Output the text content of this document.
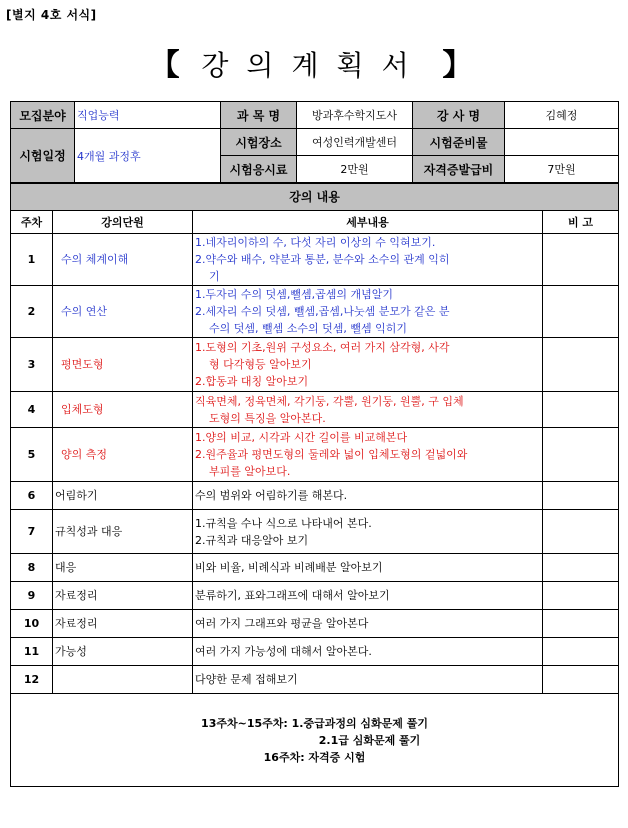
[별지 4호 서식]
【 강의계획서 】
모집분야	직업능력	과 목 명	방과후수학지도사	강 사 명	김혜정
시험일정	4개월 과정후	시험장소	여성인력개발센터	시험준비물	
		시험응시료	2만원	자격증발급비	7만원
강의 내용			
주차	강의단원	세부내용	비 고
1	수의 체계이해	1.네자리이하의 수, 다섯 자리 이상의 수 익혀보기.
2.약수와 배수, 약분과 통분, 분수와 소수의 관계 익히
기	

2	수의 연산	1.두자리 수의 덧셈,뺄셈,곱셈의 개념알기
2.세자리 수의 덧셈, 뺄셈,곱셈,나눗셈 분모가 같은 분
수의 덧셈, 뺄셈 소수의 덧셈, 뺄셈 익히기	

3	평면도형	1.도형의 기초,원위 구성요소, 여러 가지 삼각형, 사각
형 다각형등 알아보기
2.합동과 대칭 알아보기	

4	입체도형	직육면체, 정육면체, 각기둥, 각뿔, 원기둥, 원뿔, 구 입체
도형의 특징을 알아본다.	

5	양의 측정	1.양의 비교, 시각과 시간 길이를 비교해본다
2.원주율과 평면도형의 둘레와 넓이 입체도형의 겉넓이와
부피를 알아보다.	

6	어림하기	수의 범위와 어림하기를 해본다.	

7	규칙성과 대응	1.규칙을 수나 식으로 나타내어 본다.
2.규칙과 대응알아 보기	

8	대응	비와 비율, 비례식과 비례배분 알아보기	

9	자료정리	분류하기, 표와그래프에 대해서 알아보기	

10	자료정리	여러 가지 그래프와 평균을 알아본다	

11	가능성	여러 가지 가능성에 대해서 알아본다.	

12		다양한 문제 접해보기	

13주차~15주차: 1.중급과정의 심화문제 풀기
2.1급 심화문제 풀기
16주차: 자격증 시험			
